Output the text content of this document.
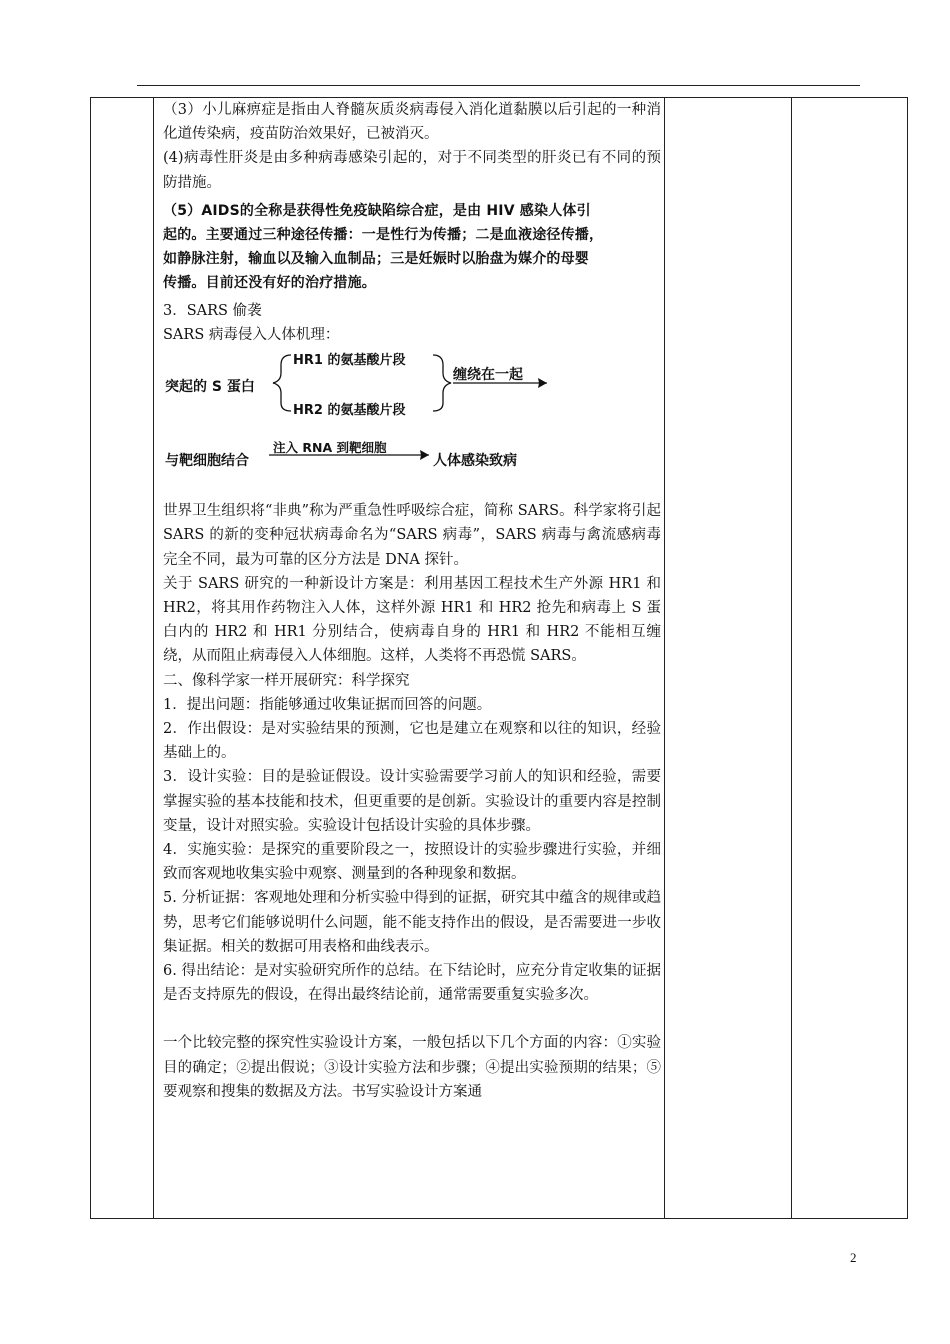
（3）小儿麻痹症是指由人脊髓灰质炎病毒侵入消化道黏膜以后引起的一种消化道传染病，疫苗防治效果好，已被消灭。

(4)病毒性肝炎是由多种病毒感染引起的，对于不同类型的肝炎已有不同的预防措施。

（5）AIDS的全称是获得性免疫缺陷综合症，是由 HIV 感染人体引

起的。主要通过三种途径传播：一是性行为传播；二是血液途径传播，

如静脉注射，输血以及输入血制品；三是妊娠时以胎盘为媒介的母婴

传播。目前还没有好的治疗措施。

3．SARS 偷袭

SARS 病毒侵入人体机理：

突起的 S 蛋白
HR1 的氨基酸片段
HR2 的氨基酸片段
缠绕在一起
与靶细胞结合
注入 RNA 到靶细胞
人体感染致病

世界卫生组织将“非典”称为严重急性呼吸综合症，简称 SARS。科学家将引起 SARS 的新的变种冠状病毒命名为“SARS 病毒”，SARS 病毒与禽流感病毒完全不同，最为可靠的区分方法是 DNA 探针。

关于 SARS 研究的一种新设计方案是：利用基因工程技术生产外源 HR1 和 HR2，将其用作药物注入人体，这样外源 HR1 和 HR2 抢先和病毒上 S 蛋白内的 HR2 和 HR1 分别结合，使病毒自身的 HR1 和 HR2 不能相互缠绕，从而阻止病毒侵入人体细胞。这样，人类将不再恐慌 SARS。

二、像科学家一样开展研究：科学探究

1．提出问题：指能够通过收集证据而回答的问题。

2．作出假设：是对实验结果的预测，它也是建立在观察和以往的知识，经验基础上的。

3．设计实验：目的是验证假设。设计实验需要学习前人的知识和经验，需要掌握实验的基本技能和技术，但更重要的是创新。实验设计的重要内容是控制变量，设计对照实验。实验设计包括设计实验的具体步骤。

4．实施实验：是探究的重要阶段之一，按照设计的实验步骤进行实验，并细致而客观地收集实验中观察、测量到的各种现象和数据。

5. 分析证据：客观地处理和分析实验中得到的证据，研究其中蕴含的规律或趋势，思考它们能够说明什么问题，能不能支持作出的假设，是否需要进一步收集证据。相关的数据可用表格和曲线表示。

6. 得出结论：是对实验研究所作的总结。在下结论时，应充分肯定收集的证据是否支持原先的假设，在得出最终结论前，通常需要重复实验多次。

一个比较完整的探究性实验设计方案，一般包括以下几个方面的内容：①实验目的确定；②提出假说；③设计实验方法和步骤；④提出实验预期的结果；⑤要观察和搜集的数据及方法。书写实验设计方案通

2
